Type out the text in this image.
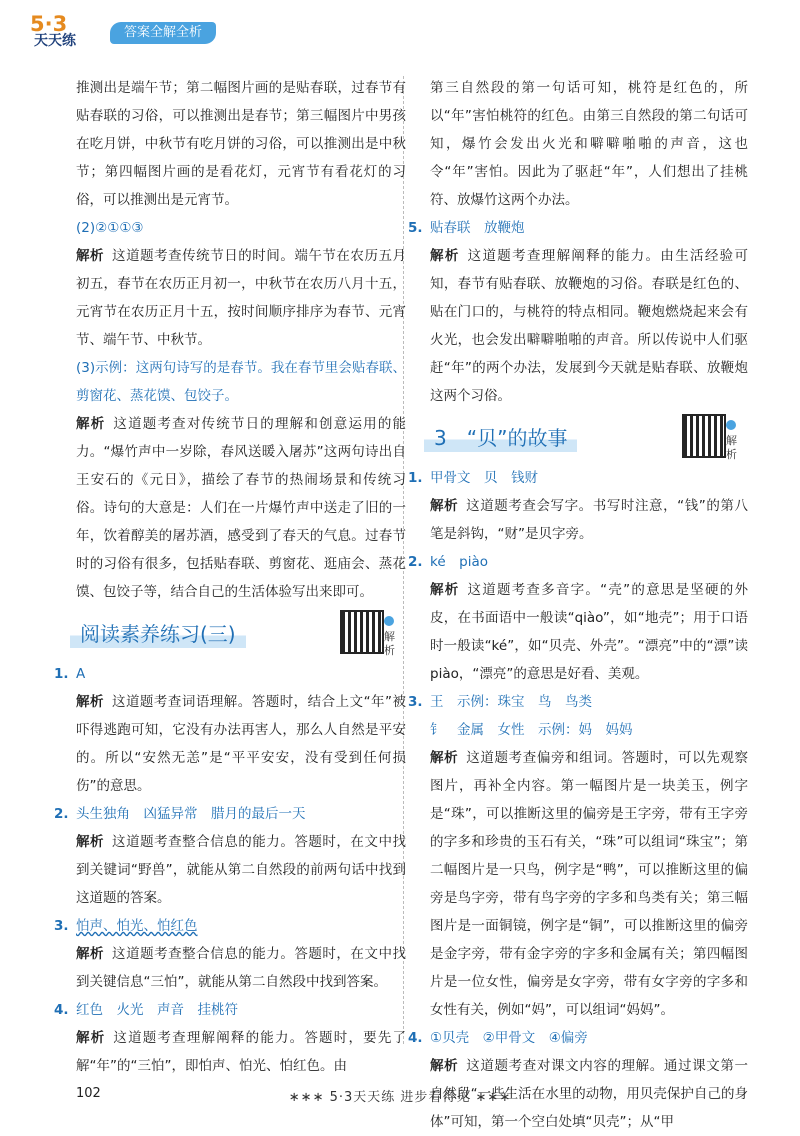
5·3
天天练
答案全解全析

推测出是端午节；第二幅图片画的是贴春联，过春节有贴春联的习俗，可以推测出是春节；第三幅图片中男孩在吃月饼，中秋节有吃月饼的习俗，可以推测出是中秋节；第四幅图片画的是看花灯，元宵节有看花灯的习俗，可以推测出是元宵节。

(2)②①①③

解析 这道题考查传统节日的时间。端午节在农历五月初五，春节在农历正月初一，中秋节在农历八月十五，元宵节在农历正月十五，按时间顺序排序为春节、元宵节、端午节、中秋节。

(3)示例：这两句诗写的是春节。我在春节里会贴春联、剪窗花、蒸花馍、包饺子。

解析 这道题考查对传统节日的理解和创意运用的能力。“爆竹声中一岁除，春风送暖入屠苏”这两句诗出自王安石的《元日》，描绘了春节的热闹场景和传统习俗。诗句的大意是：人们在一片爆竹声中送走了旧的一年，饮着醇美的屠苏酒，感受到了春天的气息。过春节时的习俗有很多，包括贴春联、剪窗花、逛庙会、蒸花馍、包饺子等，结合自己的生活体验写出来即可。

阅读素养练习(三)	解析

1. A

解析 这道题考查词语理解。答题时，结合上文“年”被吓得逃跑可知，它没有办法再害人，那么人自然是平安的。所以“安然无恙”是“平平安安，没有受到任何损伤”的意思。

2. 头生独角　凶猛异常　腊月的最后一天

解析 这道题考查整合信息的能力。答题时，在文中找到关键词“野兽”，就能从第二自然段的前两句话中找到这道题的答案。

3. 怕声、怕光、怕红色

解析 这道题考查整合信息的能力。答题时，在文中找到关键信息“三怕”，就能从第二自然段中找到答案。

4. 红色　火光　声音　挂桃符

解析 这道题考查理解阐释的能力。答题时，要先了解“年”的“三怕”，即怕声、怕光、怕红色。由

第三自然段的第一句话可知，桃符是红色的，所以“年”害怕桃符的红色。由第三自然段的第二句话可知，爆竹会发出火光和噼噼啪啪的声音，这也令“年”害怕。因此为了驱赶“年”，人们想出了挂桃符、放爆竹这两个办法。

5. 贴春联　放鞭炮

解析 这道题考查理解阐释的能力。由生活经验可知，春节有贴春联、放鞭炮的习俗。春联是红色的、贴在门口的，与桃符的特点相同。鞭炮燃烧起来会有火光，也会发出噼噼啪啪的声音。所以传说中人们驱赶“年”的两个办法，发展到今天就是贴春联、放鞭炮这两个习俗。

3　“贝”的故事	解析

1. 甲骨文　贝　钱财

解析 这道题考查会写字。书写时注意，“钱”的第八笔是斜钩，“财”是贝字旁。

2. ké　piào

解析 这道题考查多音字。“壳”的意思是坚硬的外皮，在书面语中一般读“qiào”，如“地壳”；用于口语时一般读“ké”，如“贝壳、外壳”。“漂亮”中的“漂”读 piào，“漂亮”的意思是好看、美观。

3. 王　示例：珠宝　鸟　鸟类

钅　金属　女性　示例：妈　妈妈

解析 这道题考查偏旁和组词。答题时，可以先观察图片，再补全内容。第一幅图片是一块美玉，例字是“珠”，可以推断这里的偏旁是王字旁，带有王字旁的字多和珍贵的玉石有关，“珠”可以组词“珠宝”；第二幅图片是一只鸟，例字是“鸭”，可以推断这里的偏旁是鸟字旁，带有鸟字旁的字多和鸟类有关；第三幅图片是一面铜镜，例字是“铜”，可以推断这里的偏旁是金字旁，带有金字旁的字多和金属有关；第四幅图片是一位女性，偏旁是女字旁，带有女字旁的字多和女性有关，例如“妈”，可以组词“妈妈”。

4. ①贝壳　②甲骨文　④偏旁

解析 这道题考查对课文内容的理解。通过课文第一自然段“一些生活在水里的动物，用贝壳保护自己的身体”可知，第一个空白处填“贝壳”；从“甲

102	∗∗∗ 5·3天天练 进步看得见 ∗∗∗
